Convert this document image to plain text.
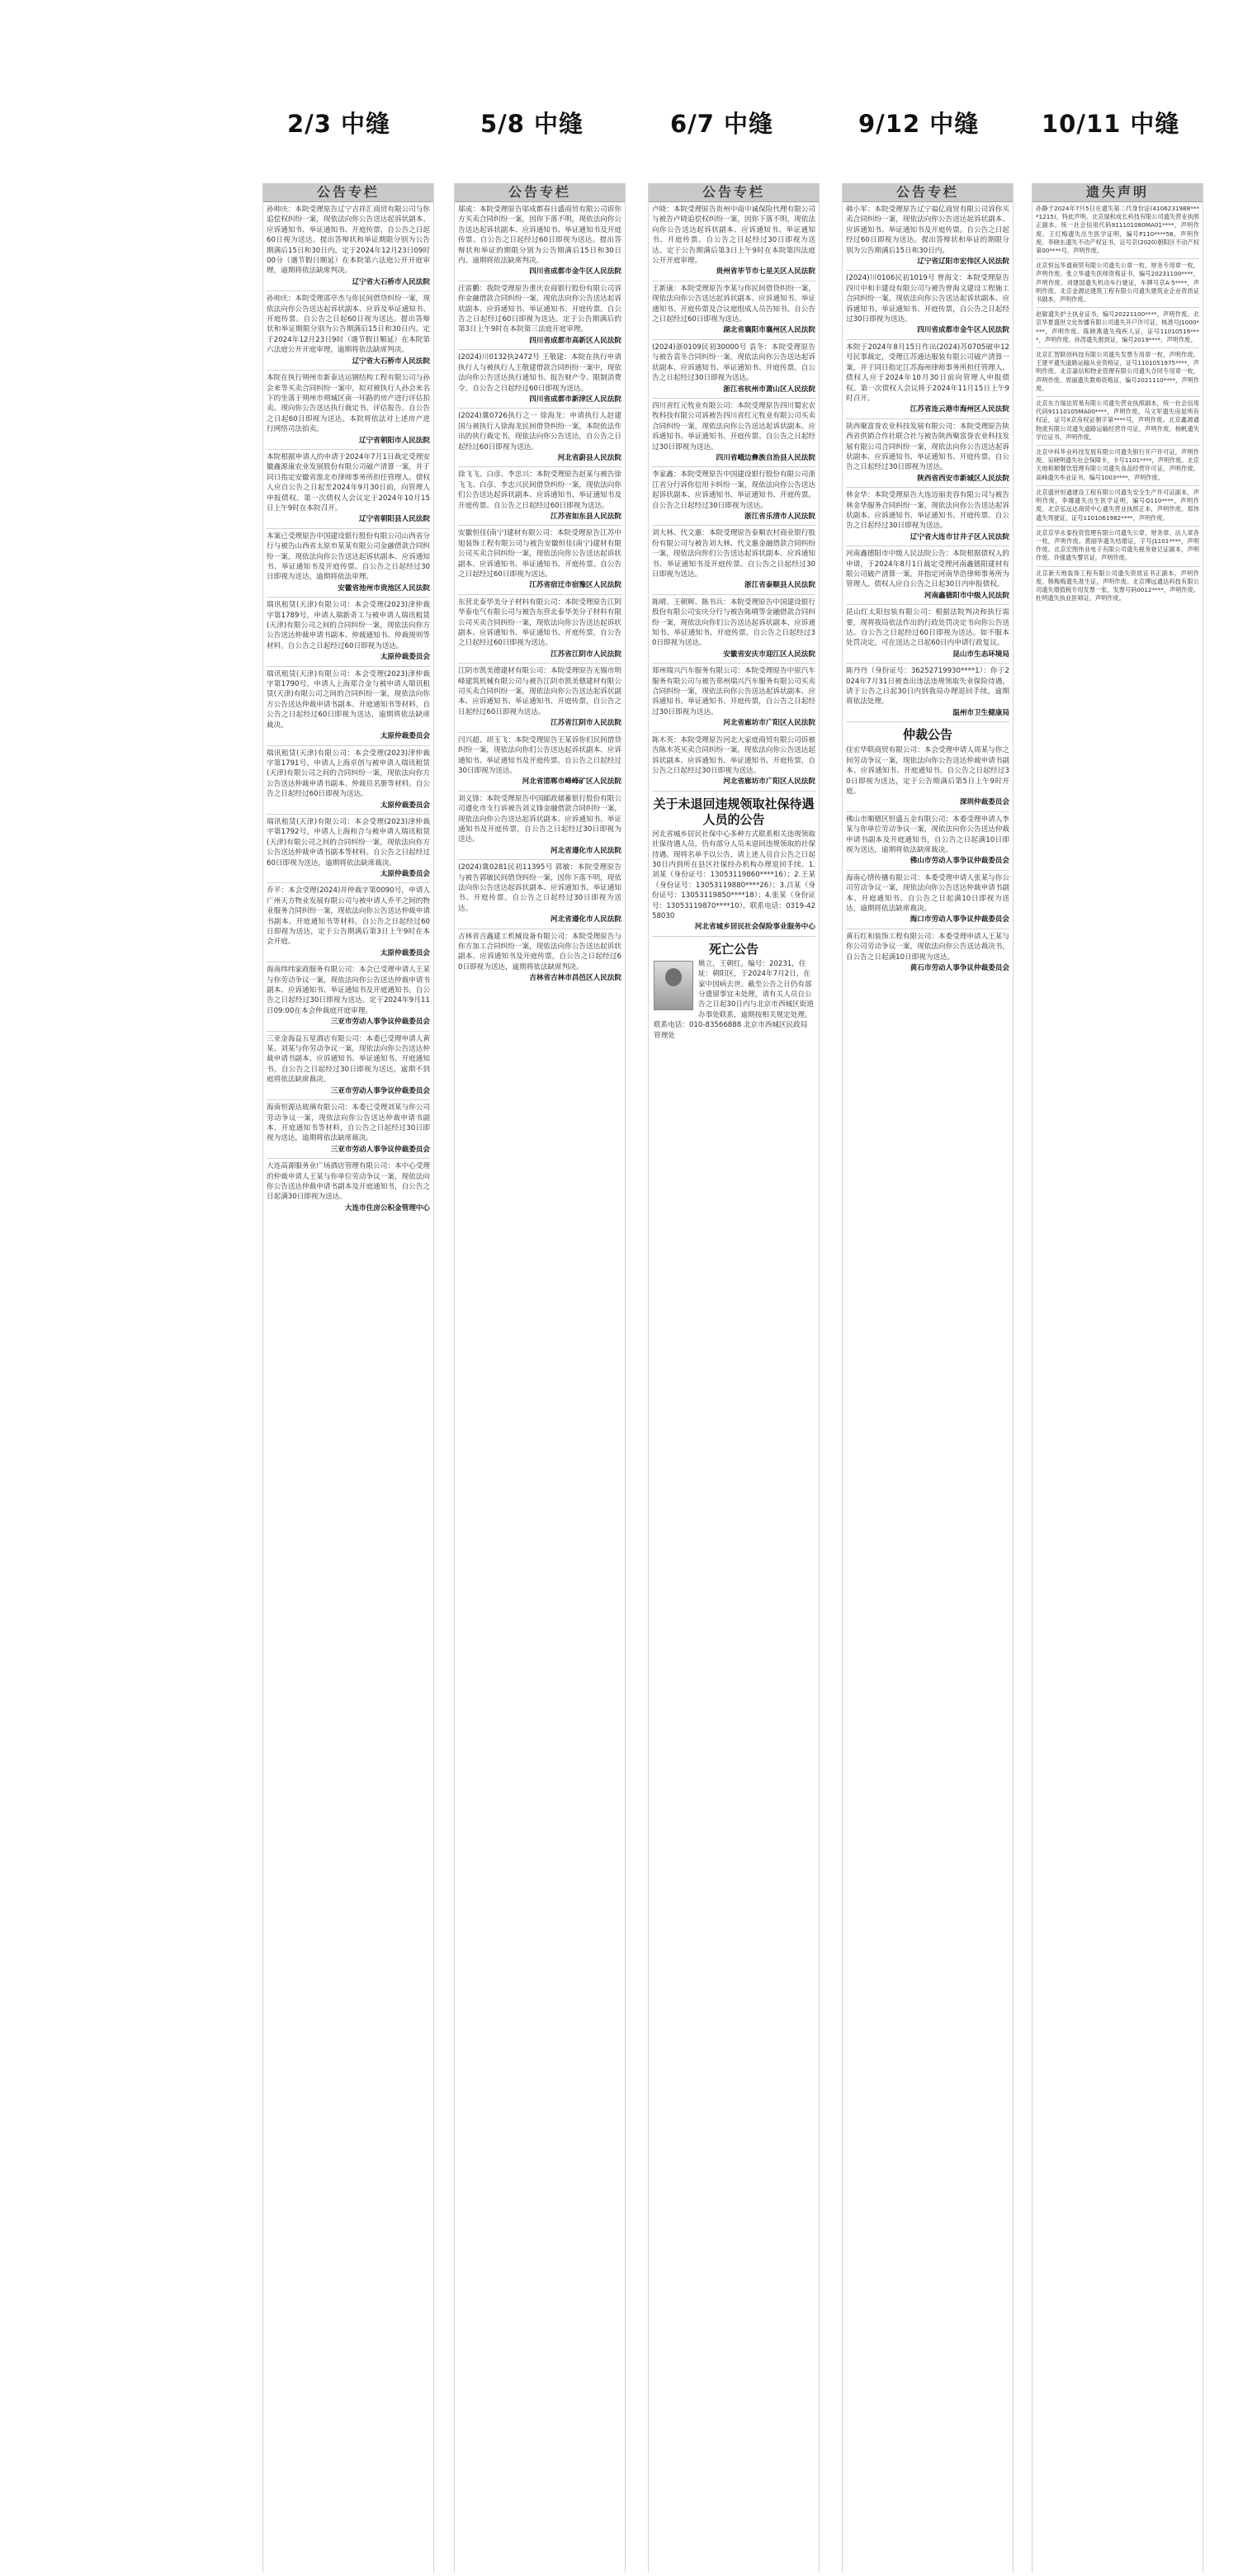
2/3 中缝	5/8 中缝	6/7 中缝	9/12 中缝	10/11 中缝
公告专栏
孙帅庆：本院受理原告辽宁吉祥汇商贸有限公司与你追偿权纠纷一案，现依法向你公告送达起诉状副本、应诉通知书、举证通知书、开庭传票，自公告之日起60日视为送达。提出答辩状和举证期限分别为公告期满后15日和30日内。定于2024年12月23日09时00分（遇节假日顺延）在本院第六法庭公开开庭审理，逾期将依法缺席判决。
辽宁省大石桥市人民法院
孙帅庆：本院受理邵亭杰与你民间借贷纠纷一案，现依法向你公告送达起诉状副本、应诉及举证通知书、开庭传票。自公告之日起60日视为送达。提出答辩状和举证期限分别为公告期满后15日和30日内。定于2024年12月23日9时（遇节假日顺延）在本院第六法庭公开开庭审理，逾期将依法缺席判决。
辽宁省大石桥市人民法院
本院在执行朔州市新泰达运钢结构工程有限公司与孙会来等买卖合同纠纷一案中，拟对被执行人孙会来名下的坐落于朔州市朔城区南一环路的房产进行评估拍卖。现向你公告送达执行裁定书、评估报告。自公告之日起60日即视为送达。本院将依法对上述房产进行网络司法拍卖。
辽宁省朝阳市人民法院
本院根据申请人的申请于2024年7月1日裁定受理安徽鑫源康农业发展股份有限公司破产清算一案，并于同日指定安徽省淮北市律师事务所担任管理人。债权人应自公告之日起至2024年9月30日前，向管理人申报债权。第一次债权人会议定于2024年10月15日上午9时在本院召开。
辽宁省朝阳县人民法院
本案已受理原告中国建设银行股份有限公司山西省分行与被告山西省太原市某某有限公司金融借款合同纠纷一案，现依法向你公告送达起诉状副本、应诉通知书、举证通知书及开庭传票。自公告之日起经过30日即视为送达，逾期将依法审理。
安徽省池州市贵池区人民法院
瑞讯租赁(天津)有限公司：本会受理(2023)津仲裁字第1789号，申请人瑞新奇工与被申请人瑞讯租赁(天津)有限公司之间的合同纠纷一案，现依法向你方公告送达仲裁申请书副本、仲裁通知书、仲裁规则等材料。自公告之日起经过60日即视为送达。
太原仲裁委员会
瑞讯租赁(天津)有限公司：本会受理(2023)津仲裁字第1790号，申请人上海郑合金与被申请人瑞讯租赁(天津)有限公司之间的合同纠纷一案，现依法向你方公告送达仲裁申请书副本、开庭通知书等材料，自公告之日起经过60日即视为送达，逾期将依法缺席裁决。
太原仲裁委员会
瑞讯租赁(天津)有限公司：本会受理(2023)津仲裁字第1791号，申请人上海卓创与被申请人瑞讯租赁(天津)有限公司之间的合同纠纷一案，现依法向你方公告送达仲裁申请书副本、仲裁员名册等材料。自公告之日起经过60日即视为送达。
太原仲裁委员会
瑞讯租赁(天津)有限公司：本会受理(2023)津仲裁字第1792号，申请人上海和合与被申请人瑞讯租赁(天津)有限公司之间的合同纠纷一案，现依法向你方公告送达仲裁申请书副本等材料。自公告之日起经过60日即视为送达，逾期将依法缺席裁决。
太原仲裁委员会
乔平：本会受理(2024)并仲裁字第0090号，申请人广州天方物业发展有限公司与被申请人乔平之间的物业服务合同纠纷一案，现依法向你公告送达仲裁申请书副本、开庭通知书等材料。自公告之日起经过60日即视为送达，定于公告期满后第3日上午9时在本会开庭。
太原仲裁委员会
海南纬纬家政服务有限公司：本会已受理申请人王某与你劳动争议一案，现依法向你公告送达仲裁申请书副本、应诉通知书、举证通知书及开庭通知书。自公告之日起经过30日即视为送达，定于2024年9月11日09:00在本会仲裁庭开庭审理。
三亚市劳动人事争议仲裁委员会
三亚金海益五星酒店有限公司：本委已受理申请人黄某、刘某与你劳动争议一案，现依法向你公告送达仲裁申请书副本、应诉通知书、举证通知书、开庭通知书。自公告之日起经过30日即视为送达，逾期不到庭将依法缺席裁决。
三亚市劳动人事争议仲裁委员会
海南恒源达玻璃有限公司：本委已受理刘某与你公司劳动争议一案，现依法向你公告送达仲裁申请书副本、开庭通知书等材料，自公告之日起经过30日即视为送达，逾期将依法缺席裁决。
三亚市劳动人事争议仲裁委员会
大连高源服务业广场酒店管理有限公司：本中心受理的仲裁申请人王某与你单位劳动争议一案，现依法向你公告送达仲裁申请书副本及开庭通知书，自公告之日起满30日即视为送达。
大连市住房公积金管理中心
公告专栏
邬成：本院受理原告邬成都春日盛商贸有限公司诉你方买卖合同纠纷一案，因你下落不明，现依法向你公告送达起诉状副本、应诉通知书、举证通知书及开庭传票。自公告之日起经过60日即视为送达。提出答辩状和举证的期限分别为公告期满后15日和30日内。逾期将依法缺席判决。
四川省成都市金牛区人民法院
汪雷鹏：我院受理原告重庆农商银行股份有限公司诉你金融借款合同纠纷一案，现依法向你公告送达起诉状副本、应诉通知书、举证通知书、开庭传票。自公告之日起经过60日即视为送达。定于公告期满后的第3日上午9时在本院第三法庭开庭审理。
四川省成都市高新区人民法院
(2024)川0132执2472号 王敬建：本院在执行申请执行人与被执行人王敬建借款合同纠纷一案中，现依法向你公告送达执行通知书、报告财产令、限制消费令。自公告之日起经过60日即视为送达。
四川省成都市新津区人民法院
(2024)冀0726执行之一 徐海龙：申请执行人赵建国与被执行人徐海龙民间借贷纠纷一案，本院依法作出的执行裁定书，现依法向你公告送达，自公告之日起经过60日即视为送达。
河北省蔚县人民法院
徐飞飞、白彦、李忠兴：本院受理原告赵某与被告徐飞飞、白彦、李忠兴民间借贷纠纷一案，现依法向你们公告送达起诉状副本、应诉通知书、举证通知书及开庭传票。自公告之日起经过60日即视为送达。
江苏省如东县人民法院
安徽恒佳(南宁)建材有限公司：本院受理原告江苏中旭装饰工程有限公司与被告安徽恒佳(南宁)建材有限公司买卖合同纠纷一案，现依法向你公告送达起诉状副本、应诉通知书、举证通知书、开庭传票。自公告之日起经过60日即视为送达。
江苏省宿迁市宿豫区人民法院
东营北泰华美分子材料有限公司：本院受理原告江阴华泰电气有限公司与被告东营北泰华美分子材料有限公司买卖合同纠纷一案，现依法向你公告送达起诉状副本、应诉通知书、举证通知书、开庭传票，自公告之日起经过60日即视为送达。
江苏省江阴市人民法院
江阴市凯美德建材有限公司：本院受理原告无锡市明峰建筑机械有限公司与被告江阴市凯美德建材有限公司买卖合同纠纷一案，现依法向你公告送达起诉状副本、应诉通知书、举证通知书、开庭传票，自公告之日起经过60日即视为送达。
江苏省江阴市人民法院
闫兴超、胡玉飞：本院受理原告王某诉你们民间借贷纠纷一案，现依法向你们公告送达起诉状副本、应诉通知书、举证通知书及开庭传票。自公告之日起经过30日即视为送达。
河北省邯郸市峰峰矿区人民法院
刘义锋：本院受理原告中国邮政储蓄银行股份有限公司遵化市支行诉被告刘义锋金融借款合同纠纷一案，现依法向你公告送达起诉状副本、应诉通知书、举证通知书及开庭传票，自公告之日起经过30日即视为送达。
河北省遵化市人民法院
(2024)冀0281民初11395号 郭敏：本院受理原告与被告郭敏民间借贷纠纷一案，因你下落不明，现依法向你公告送达起诉状副本、应诉通知书、举证通知书、开庭传票。自公告之日起经过30日即视为送达。
河北省遵化市人民法院
吉林省吉鑫建工机械设备有限公司：本院受理原告与你方加工合同纠纷一案，现依法向你公告送达起诉状副本、应诉通知书及开庭传票，自公告之日起经过60日即视为送达，逾期将依法缺席判决。
吉林省吉林市昌邑区人民法院
公告专栏
卢晓：本院受理原告贵州中商中诚保险代理有限公司与被告卢晓追偿权纠纷一案，因你下落不明，现依法向你公告送达起诉状副本、应诉通知书、举证通知书、开庭传票。自公告之日起经过30日即视为送达。定于公告期满后第3日上午9时在本院第四法庭公开开庭审理。
贵州省毕节市七星关区人民法院
王新康：本院受理原告李某与你民间借贷纠纷一案，现依法向你公告送达起诉状副本、应诉通知书、举证通知书、开庭传票及合议庭组成人员告知书。自公告之日起经过60日即视为送达。
湖北省襄阳市襄州区人民法院
(2024)浙0109民初30000号 袁冬：本院受理原告与被告袁冬合同纠纷一案，现依法向你公告送达起诉状副本、应诉通知书、举证通知书、开庭传票。自公告之日起经过30日即视为送达。
浙江省杭州市萧山区人民法院
四川省红元牧业有限公司：本院受理原告四川蜀宏农牧科技有限公司诉被告四川省红元牧业有限公司买卖合同纠纷一案，现依法向你公告送达起诉状副本、应诉通知书、举证通知书、开庭传票。自公告之日起经过30日即视为送达。
四川省峨边彝族自治县人民法院
李家鑫：本院受理原告中国建设银行股份有限公司浙江省分行诉你信用卡纠纷一案，现依法向你公告送达起诉状副本、应诉通知书、举证通知书、开庭传票。自公告之日起经过30日即视为送达。
浙江省乐清市人民法院
刘大林、代文惠：本院受理原告泰顺农村商业银行股份有限公司与被告刘大林、代文惠金融借款合同纠纷一案，现依法向你们公告送达起诉状副本、应诉通知书、举证通知书及开庭传票。自公告之日起经过30日即视为送达。
浙江省泰顺县人民法院
陈晴、王朝辉、陈书兵：本院受理原告中国建设银行股份有限公司安庆分行与被告陈晴等金融借款合同纠纷一案，现依法向你们公告送达起诉状副本、应诉通知书、举证通知书、开庭传票。自公告之日起经过30日即视为送达。
安徽省安庆市迎江区人民法院
郑州瑞兴汽车服务有限公司：本院受理原告中原汽车服务有限公司与被告郑州瑞兴汽车服务有限公司买卖合同纠纷一案，现依法向你公告送达起诉状副本、应诉通知书、举证通知书、开庭传票，自公告之日起经过30日即视为送达。
河北省廊坊市广阳区人民法院
陈木英：本院受理原告河北大家庭商贸有限公司诉被告陈木英买卖合同纠纷一案，现依法向你公告送达起诉状副本、应诉通知书、举证通知书、开庭传票，自公告之日起经过30日即视为送达。
河北省廊坊市广阳区人民法院
关于未退回违规领取社保待遇人员的公告
河北省城乡居民社保中心多种方式联系相关违规领取社保待遇人员，仍有部分人员未退回违规领取的社保待遇。现将名单予以公告，请上述人员自公告之日起30日内到所在县区社保经办机构办理退回手续。1.刘某（身份证号：13053119860****16）；2.王某（身份证号：13053119880****26）；3.吕某（身份证号：13053119850****18）；4.张某（身份证号：13053119870****10）。联系电话：0319-4258030
河北省城乡居民社会保险事业服务中心
死亡公告
姚立，王朝红，编号：20231，住址：朝阳区，于2024年7月2日，在家中因病去世。截至公告之日仍有部分遗留事宜未处理，请有关人员自公告之日起30日内与北京市西城区街道办事处联系，逾期按相关规定处理。联系电话：010-83566888 北京市西城区民政局管理处
公告专栏
韩小军：本院受理原告辽宁福亿商贸有限公司诉你买卖合同纠纷一案，现依法向你公告送达起诉状副本、应诉通知书、举证通知书及开庭传票。自公告之日起经过60日即视为送达。提出答辩状和举证的期限分别为公告期满后15日和30日内。
辽宁省辽阳市宏伟区人民法院
(2024)川0106民初1019号 曾海文：本院受理原告四川中和丰建设有限公司与被告曾海文建设工程施工合同纠纷一案，现依法向你公告送达起诉状副本、应诉通知书、举证通知书、开庭传票，自公告之日起经过30日即视为送达。
四川省成都市金牛区人民法院
本院于2024年8月15日作出(2024)苏0705破申12号民事裁定，受理江苏通达服装有限公司破产清算一案，并于同日指定江苏海州律师事务所担任管理人。债权人应于2024年10月30日前向管理人申报债权。第一次债权人会议将于2024年11月15日上午9时召开。
江苏省连云港市海州区人民法院
陕西聚富誉农业科技发展有限公司：本院受理原告陕西省供销合作社联合社与被告陕西聚富誉农业科技发展有限公司合同纠纷一案，现依法向你公告送达起诉状副本、应诉通知书、举证通知书、开庭传票。自公告之日起经过30日即视为送达。
陕西省西安市新城区人民法院
林金华：本院受理原告大连迈丽美容有限公司与被告林金华服务合同纠纷一案，现依法向你公告送达起诉状副本、应诉通知书、举证通知书、开庭传票。自公告之日起经过30日即视为送达。
辽宁省大连市甘井子区人民法院
河南鑫德阳市中级人民法院公告：本院根据债权人的申请，于2024年8月1日裁定受理河南鑫德阳建材有限公司破产清算一案，并指定河南华浩律师事务所为管理人。债权人应自公告之日起30日内申报债权。
河南鑫德阳市中级人民法院
昆山红太阳包装有限公司：根据法院判决和执行需要，现将我局依法作出的行政处罚决定书向你公告送达。自公告之日起经过60日即视为送达。如不服本处罚决定，可在送达之日起60日内申请行政复议。
昆山市生态环境局
陈丹丹（身份证号：36252719930****1）：你于2024年7月31日被查出违法违规领取失业保险待遇，请于公告之日起30日内到我局办理退回手续，逾期将依法处理。
温州市卫生健康局
仲裁公告
佳宏华联商贸有限公司：本会受理申请人周某与你之间劳动争议一案，现依法向你公告送达仲裁申请书副本、应诉通知书、开庭通知书。自公告之日起经过30日即视为送达，定于公告期满后第5日上午9时开庭。
深圳仲裁委员会
佛山市顺德区恒盛五金有限公司：本委受理申请人李某与你单位劳动争议一案，现依法向你公告送达仲裁申请书副本及开庭通知书，自公告之日起满10日即视为送达，逾期将依法缺席裁决。
佛山市劳动人事争议仲裁委员会
海南心情传播有限公司：本委受理申请人张某与你公司劳动争议一案，现依法向你公告送达仲裁申请书副本、开庭通知书。自公告之日起满10日即视为送达，逾期将依法缺席裁决。
海口市劳动人事争议仲裁委员会
黄石红和装饰工程有限公司：本委受理申请人王某与你公司劳动争议一案，现依法向你公告送达裁决书，自公告之日起满10日即视为送达。
黄石市劳动人事争议仲裁委员会
遗失声明
孙静于2024年7月5日在遗失第二代身份证(4106231988****1215)，特此声明。北京瑞和成长科技有限公司遗失营业执照正副本，统一社会信用代码911101080MA01****，声明作废。王红梅遗失出生医学证明，编号P110****56，声明作废。李晓东遗失不动产权证书，证号京(2020)朝阳区不动产权第00****号，声明作废。
北京恒远华通商贸有限公司遗失公章一枚、财务专用章一枚，声明作废。张立华遗失医师资格证书，编号20231100****，声明作废。刘建国遗失机动车行驶证，车牌号京A·5****，声明作废。北京金源达建筑工程有限公司遗失建筑业企业资质证书副本，声明作废。
赵敏遗失护士执业证书，编号20221100****，声明作废。北京华夏盛世文化传播有限公司遗失开户许可证，核准号J1000****，声明作废。陈晓燕遗失残疾人证，证号11010519****，声明作废。孙涛遗失报到证，编号2019****，声明作废。
北京汇智联创科技有限公司遗失发票专用章一枚，声明作废。王建平遗失道路运输从业资格证，证号1101051975****，声明作废。北京嘉信和物业管理有限公司遗失合同专用章一枚，声明作废。周丽遗失教师资格证，编号2021110****，声明作废。
北京东方瑞达贸易有限公司遗失营业执照副本，统一社会信用代码91110105MA00****，声明作废。马文军遗失房屋所有权证，证号X京房权证朝字第****号，声明作废。北京鑫源通物流有限公司遗失道路运输经营许可证，声明作废。杨帆遗失学位证书，声明作废。
北京中科华业科技发展有限公司遗失银行开户许可证，声明作废。吴晓明遗失社会保障卡，卡号1101****，声明作废。北京天地和顺餐饮管理有限公司遗失食品经营许可证，声明作废。高峰遗失毕业证书，编号1003****，声明作废。
北京盛世恒通建设工程有限公司遗失安全生产许可证副本，声明作废。李娜遗失出生医学证明，编号Q110****，声明作废。北京弘远达商贸中心遗失营业执照正本，声明作废。郑伟遗失驾驶证，证号1101061982****，声明作废。
北京京华永泰投资管理有限公司遗失公章、财务章、法人章各一枚，声明作废。黄丽华遗失结婚证，字号J1101****，声明作废。北京宏图伟业电子有限公司遗失税务登记证副本，声明作废。许强遗失警官证，声明作废。
北京新天地装饰工程有限公司遗失资质证书正副本，声明作废。韩梅梅遗失准生证，声明作废。北京博远通达科技有限公司遗失增值税专用发票一张，发票号码0012****，声明作废。杜明遗失执业医师证，声明作废。
